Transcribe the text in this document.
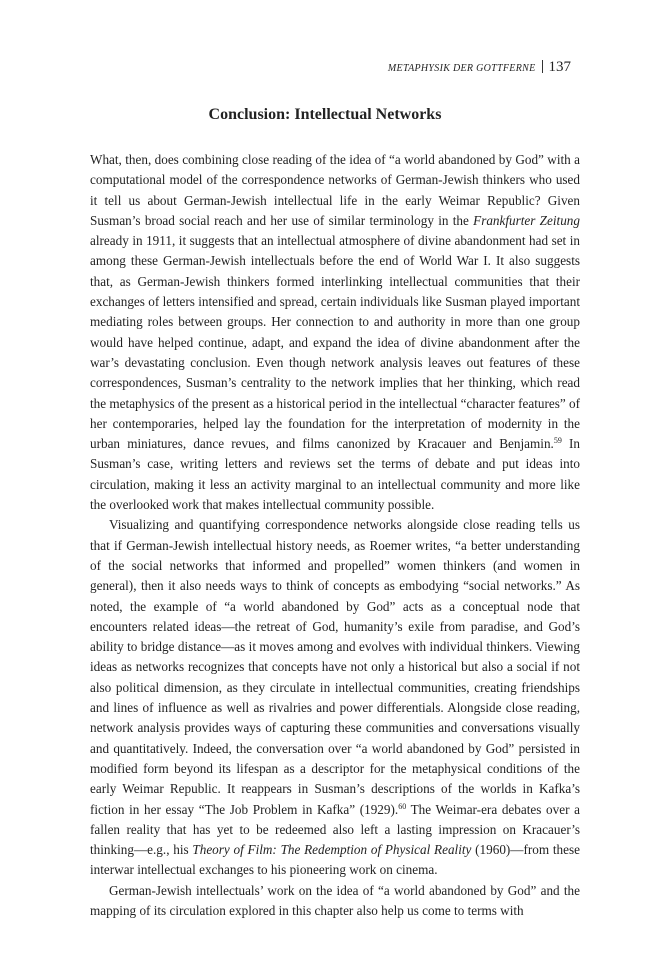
METAPHYSIK DER GOTTFERNE 137
Conclusion: Intellectual Networks

What, then, does combining close reading of the idea of “a world abandoned by God” with a computational model of the correspondence networks of German-Jewish thinkers who used it tell us about German-Jewish intellectual life in the early Weimar Republic? Given Susman’s broad social reach and her use of similar terminology in the Frankfurter Zeitung already in 1911, it suggests that an intellectual atmosphere of divine abandonment had set in among these German-Jewish intellectuals before the end of World War I. It also suggests that, as German-Jewish thinkers formed interlinking intellectual communities that their exchanges of letters intensified and spread, certain individuals like Susman played important mediating roles between groups. Her connection to and authority in more than one group would have helped continue, adapt, and expand the idea of divine abandonment after the war’s devastating conclusion. Even though network analysis leaves out features of these correspondences, Susman’s centrality to the network implies that her thinking, which read the metaphysics of the present as a historical period in the intellectual “character features” of her contemporaries, helped lay the foundation for the interpretation of modernity in the urban miniatures, dance revues, and films canonized by Kracauer and Benjamin.$^{59}$ In Susman’s case, writing letters and reviews set the terms of debate and put ideas into circulation, making it less an activity marginal to an intellectual community and more like the overlooked work that makes intellectual community possible.

Visualizing and quantifying correspondence networks alongside close reading tells us that if German-Jewish intellectual history needs, as Roemer writes, “a better understanding of the social networks that informed and propelled” women thinkers (and women in general), then it also needs ways to think of concepts as embodying “social networks.” As noted, the example of “a world abandoned by God” acts as a conceptual node that encounters related ideas—the retreat of God, humanity’s exile from paradise, and God’s ability to bridge distance—as it moves among and evolves with individual thinkers. Viewing ideas as networks recognizes that concepts have not only a historical but also a social if not also political dimension, as they circulate in intellectual communities, creating friendships and lines of influence as well as rivalries and power differentials. Alongside close reading, network analysis provides ways of capturing these communities and conversations visually and quantitatively. Indeed, the conversation over “a world abandoned by God” persisted in modified form beyond its lifespan as a descriptor for the metaphysical conditions of the early Weimar Republic. It reappears in Susman’s descriptions of the worlds in Kafka’s fiction in her essay “The Job Problem in Kafka” (1929).$^{60}$ The Weimar-era debates over a fallen reality that has yet to be redeemed also left a lasting impression on Kracauer’s thinking—e.g., his Theory of Film: The Redemption of Physical Reality (1960)—from these interwar intellectual exchanges to his pioneering work on cinema.

German-Jewish intellectuals’ work on the idea of “a world abandoned by God” and the mapping of its circulation explored in this chapter also help us come to terms with
